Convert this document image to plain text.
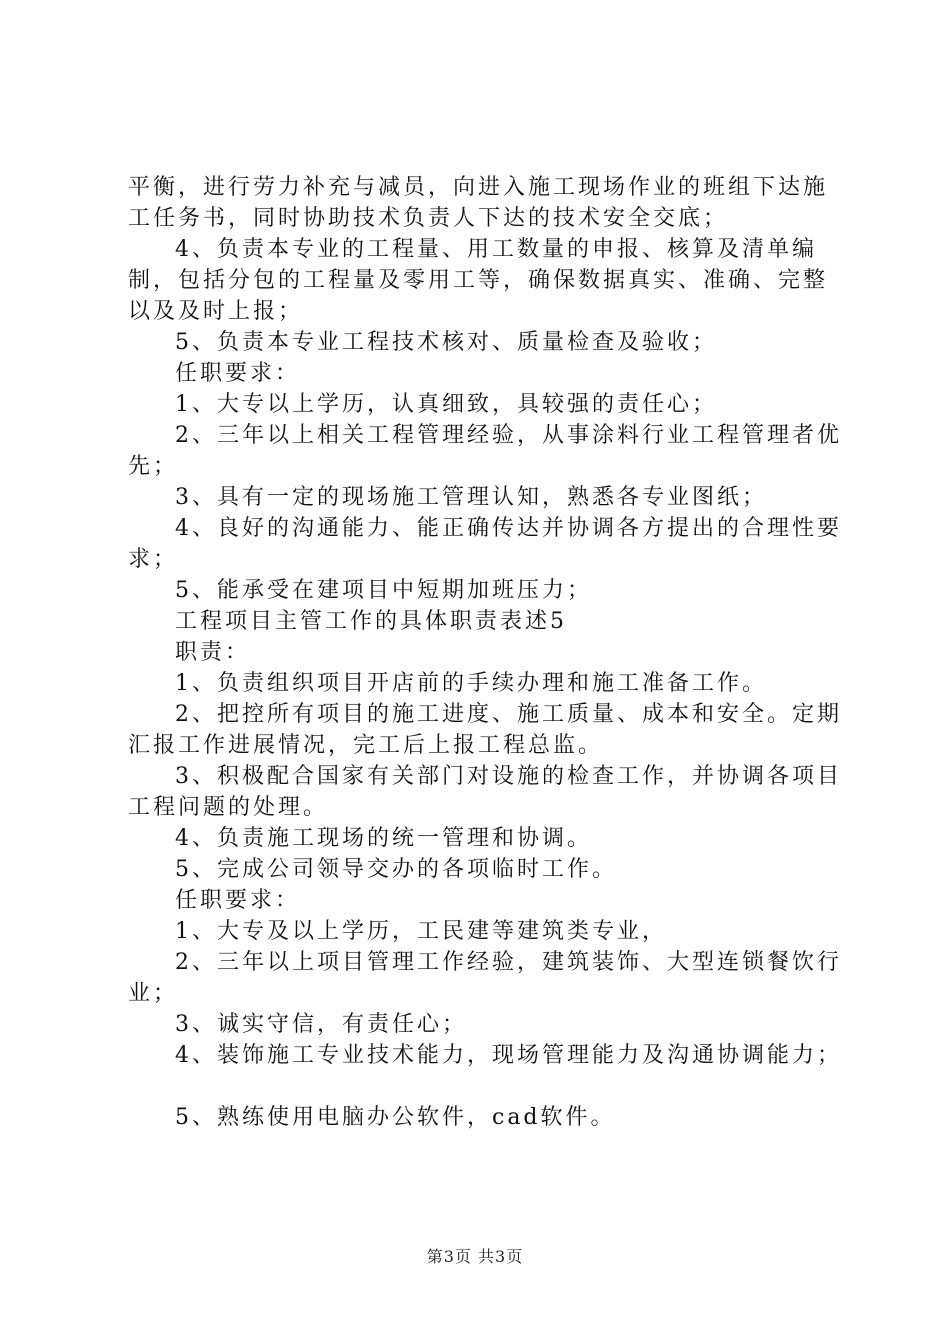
平衡，进行劳力补充与减员，向进入施工现场作业的班组下达施工任务书，同时协助技术负责人下达的技术安全交底；

4、负责本专业的工程量、用工数量的申报、核算及清单编制，包括分包的工程量及零用工等，确保数据真实、准确、完整以及及时上报；

5、负责本专业工程技术核对、质量检查及验收；

任职要求：

1、大专以上学历，认真细致，具较强的责任心；

2、三年以上相关工程管理经验，从事涂料行业工程管理者优先；

3、具有一定的现场施工管理认知，熟悉各专业图纸；

4、良好的沟通能力、能正确传达并协调各方提出的合理性要求；

5、能承受在建项目中短期加班压力；

工程项目主管工作的具体职责表述5

职责：

1、负责组织项目开店前的手续办理和施工准备工作。

2、把控所有项目的施工进度、施工质量、成本和安全。定期汇报工作进展情况，完工后上报工程总监。

3、积极配合国家有关部门对设施的检查工作，并协调各项目工程问题的处理。

4、负责施工现场的统一管理和协调。

5、完成公司领导交办的各项临时工作。

任职要求：

1、大专及以上学历，工民建等建筑类专业，

2、三年以上项目管理工作经验，建筑装饰、大型连锁餐饮行业；

3、诚实守信，有责任心；

4、装饰施工专业技术能力，现场管理能力及沟通协调能力；

5、熟练使用电脑办公软件，cad软件。

第3页 共3页
